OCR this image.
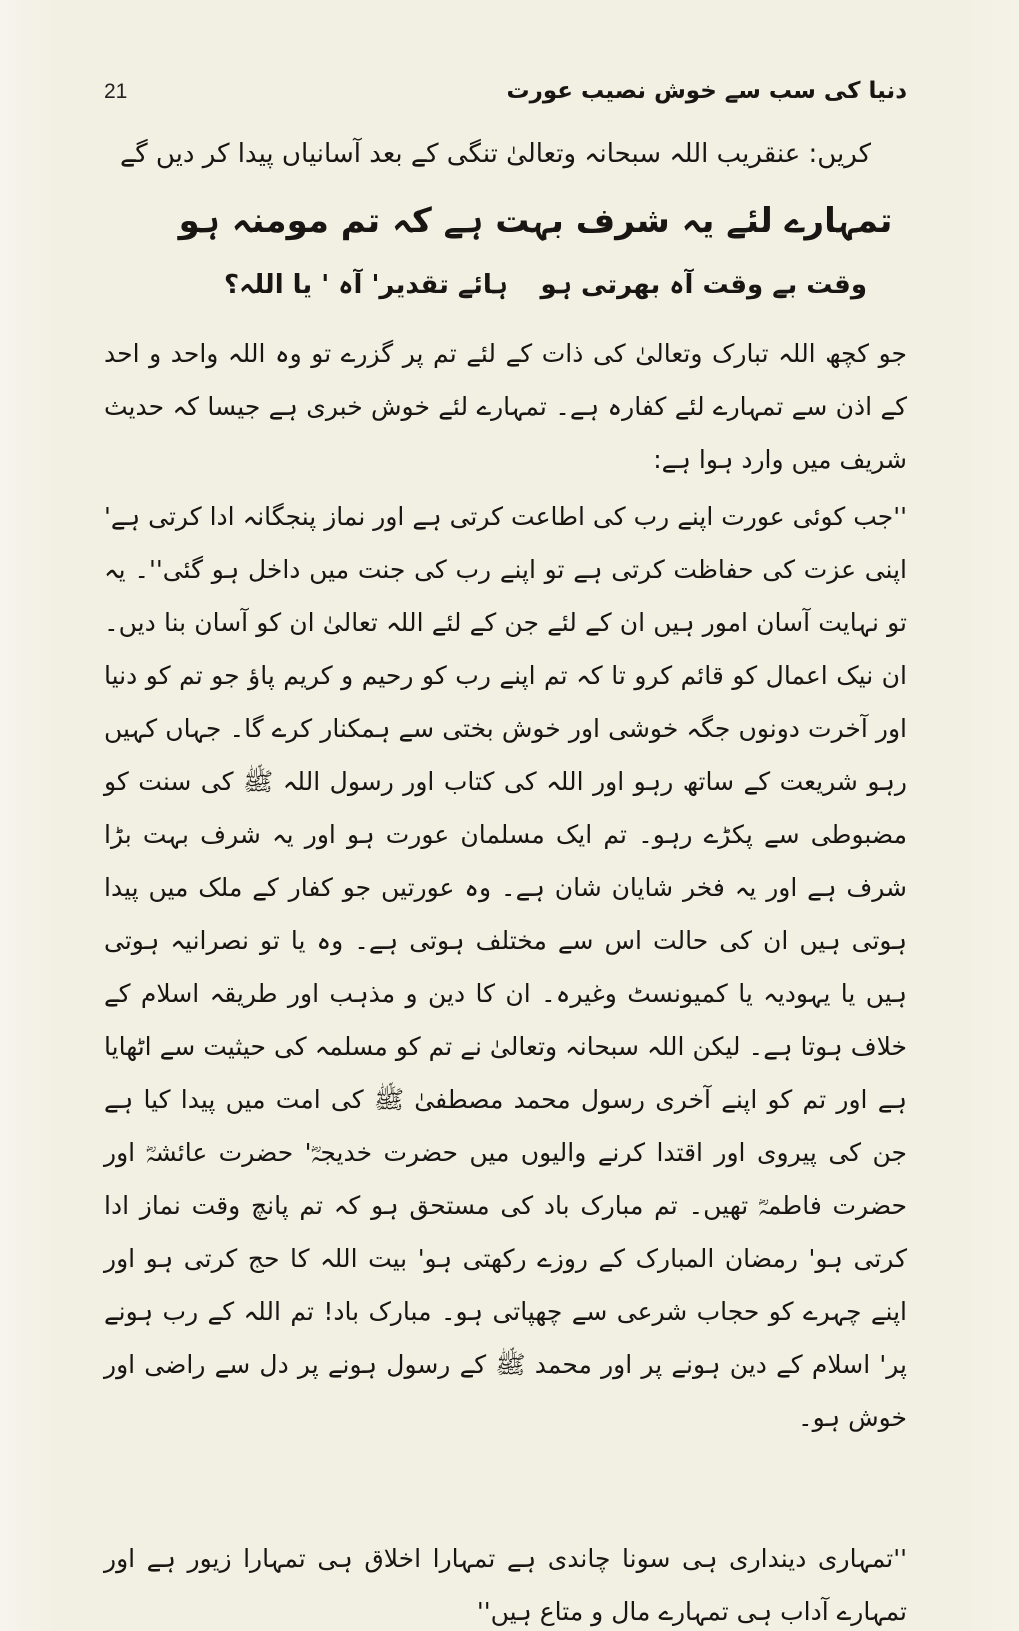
21	دنیا کی سب سے خوش نصیب عورت
کریں: عنقریب اللہ سبحانہ وتعالیٰ تنگی کے بعد آسانیاں پیدا کر دیں گے
تمہارے لئے یہ شرف بہت ہے کہ تم مومنہ ہو
وقت بے وقت آہ بھرتی ہو
ہائے تقدیر' آہ ' یا اللہ؟
جو کچھ اللہ تبارک وتعالیٰ کی ذات کے لئے تم پر گزرے تو وہ اللہ واحد و احد کے اذن سے تمہارے لئے کفارہ ہے۔ تمہارے لئے خوش خبری ہے جیسا کہ حدیث شریف میں وارد ہوا ہے:
''جب کوئی عورت اپنے رب کی اطاعت کرتی ہے اور نماز پنجگانہ ادا کرتی ہے' اپنی عزت کی حفاظت کرتی ہے تو اپنے رب کی جنت میں داخل ہو گئی''۔ یہ تو نہایت آسان امور ہیں ان کے لئے جن کے لئے اللہ تعالیٰ ان کو آسان بنا دیں۔ ان نیک اعمال کو قائم کرو تا کہ تم اپنے رب کو رحیم و کریم پاؤ جو تم کو دنیا اور آخرت دونوں جگہ خوشی اور خوش بختی سے ہمکنار کرے گا۔ جہاں کہیں رہو شریعت کے ساتھ رہو اور اللہ کی کتاب اور رسول اللہ ﷺ کی سنت کو مضبوطی سے پکڑے رہو۔ تم ایک مسلمان عورت ہو اور یہ شرف بہت بڑا شرف ہے اور یہ فخر شایان شان ہے۔ وہ عورتیں جو کفار کے ملک میں پیدا ہوتی ہیں ان کی حالت اس سے مختلف ہوتی ہے۔ وہ یا تو نصرانیہ ہوتی ہیں یا یہودیہ یا کمیونسٹ وغیرہ۔ ان کا دین و مذہب اور طریقہ اسلام کے خلاف ہوتا ہے۔ لیکن اللہ سبحانہ وتعالیٰ نے تم کو مسلمہ کی حیثیت سے اٹھایا ہے اور تم کو اپنے آخری رسول محمد مصطفیٰ ﷺ کی امت میں پیدا کیا ہے جن کی پیروی اور اقتدا کرنے والیوں میں حضرت خدیجہؓ' حضرت عائشہؓ اور حضرت فاطمہؓ تھیں۔ تم مبارک باد کی مستحق ہو کہ تم پانچ وقت نماز ادا کرتی ہو' رمضان المبارک کے روزے رکھتی ہو' بیت اللہ کا حج کرتی ہو اور اپنے چہرے کو حجاب شرعی سے چھپاتی ہو۔ مبارک باد! تم اللہ کے رب ہونے پر' اسلام کے دین ہونے پر اور محمد ﷺ کے رسول ہونے پر دل سے راضی اور خوش ہو۔
''تمہاری دینداری ہی سونا چاندی ہے تمہارا اخلاق ہی تمہارا زیور ہے اور تمہارے آداب ہی تمہارے مال و متاع ہیں''
